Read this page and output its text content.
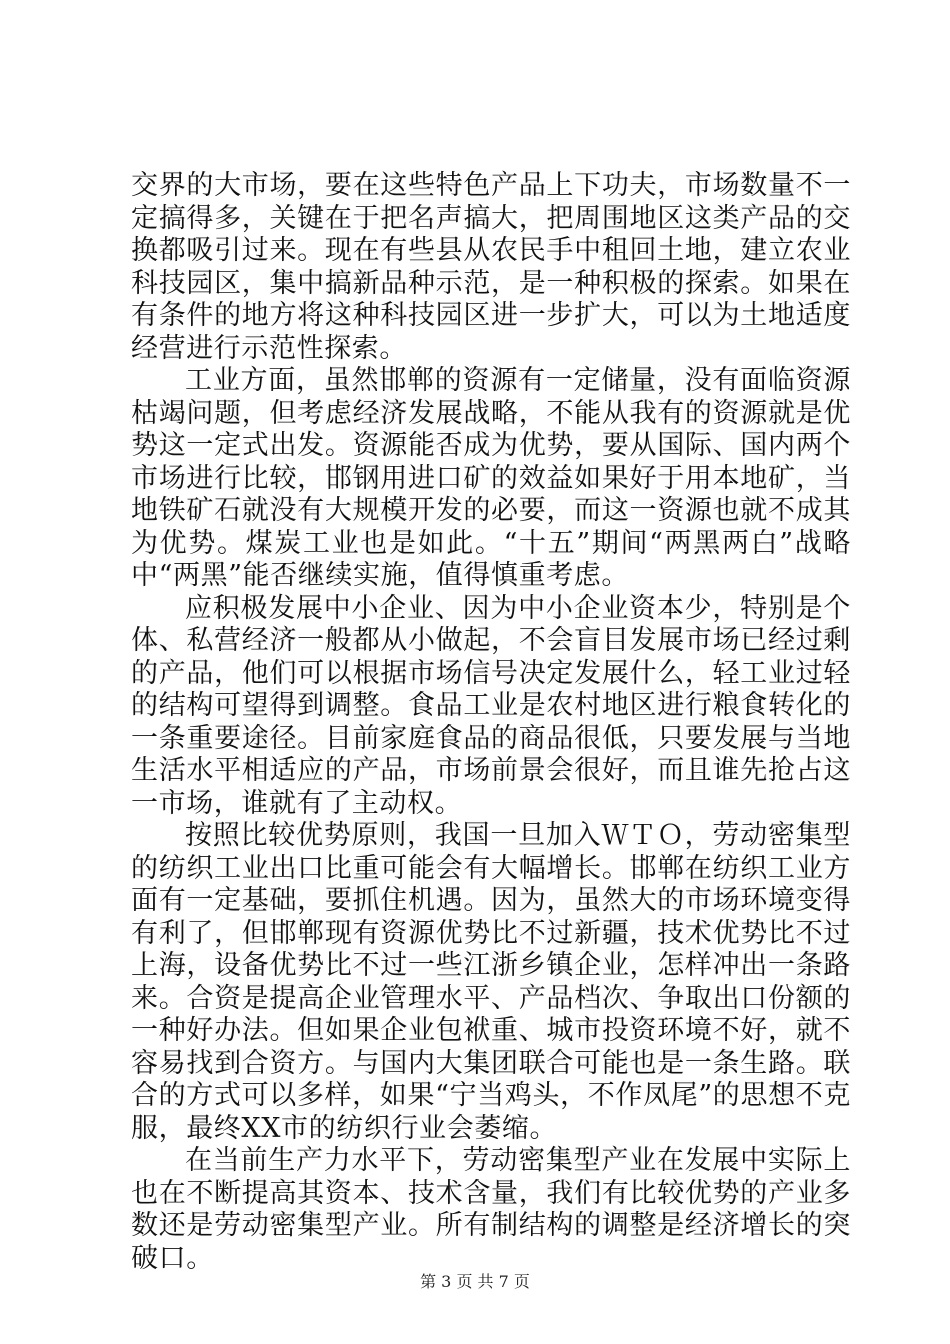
交界的大市场，要在这些特色产品上下功夫，市场数量不一定搞得多，关键在于把名声搞大，把周围地区这类产品的交换都吸引过来。现在有些县从农民手中租回土地，建立农业科技园区，集中搞新品种示范，是一种积极的探索。如果在有条件的地方将这种科技园区进一步扩大，可以为土地适度经营进行示范性探索。

工业方面，虽然邯郸的资源有一定储量，没有面临资源枯竭问题，但考虑经济发展战略，不能从我有的资源就是优势这一定式出发。资源能否成为优势，要从国际、国内两个市场进行比较，邯钢用进口矿的效益如果好于用本地矿，当地铁矿石就没有大规模开发的必要，而这一资源也就不成其为优势。煤炭工业也是如此。“十五”期间“两黑两白”战略中“两黑”能否继续实施，值得慎重考虑。

应积极发展中小企业、因为中小企业资本少，特别是个体、私营经济一般都从小做起，不会盲目发展市场已经过剩的产品，他们可以根据市场信号决定发展什么，轻工业过轻的结构可望得到调整。食品工业是农村地区进行粮食转化的一条重要途径。目前家庭食品的商品很低，只要发展与当地生活水平相适应的产品，市场前景会很好，而且谁先抢占这一市场，谁就有了主动权。

按照比较优势原则，我国一旦加入ＷＴＯ，劳动密集型的纺织工业出口比重可能会有大幅增长。邯郸在纺织工业方面有一定基础，要抓住机遇。因为，虽然大的市场环境变得有利了，但邯郸现有资源优势比不过新疆，技术优势比不过上海，设备优势比不过一些江浙乡镇企业，怎样冲出一条路来。合资是提高企业管理水平、产品档次、争取出口份额的一种好办法。但如果企业包袱重、城市投资环境不好，就不容易找到合资方。与国内大集团联合可能也是一条生路。联合的方式可以多样，如果“宁当鸡头，不作凤尾”的思想不克服，最终XX市的纺织行业会萎缩。

在当前生产力水平下，劳动密集型产业在发展中实际上也在不断提高其资本、技术含量，我们有比较优势的产业多数还是劳动密集型产业。所有制结构的调整是经济增长的突破口。

第 3 页 共 7 页
